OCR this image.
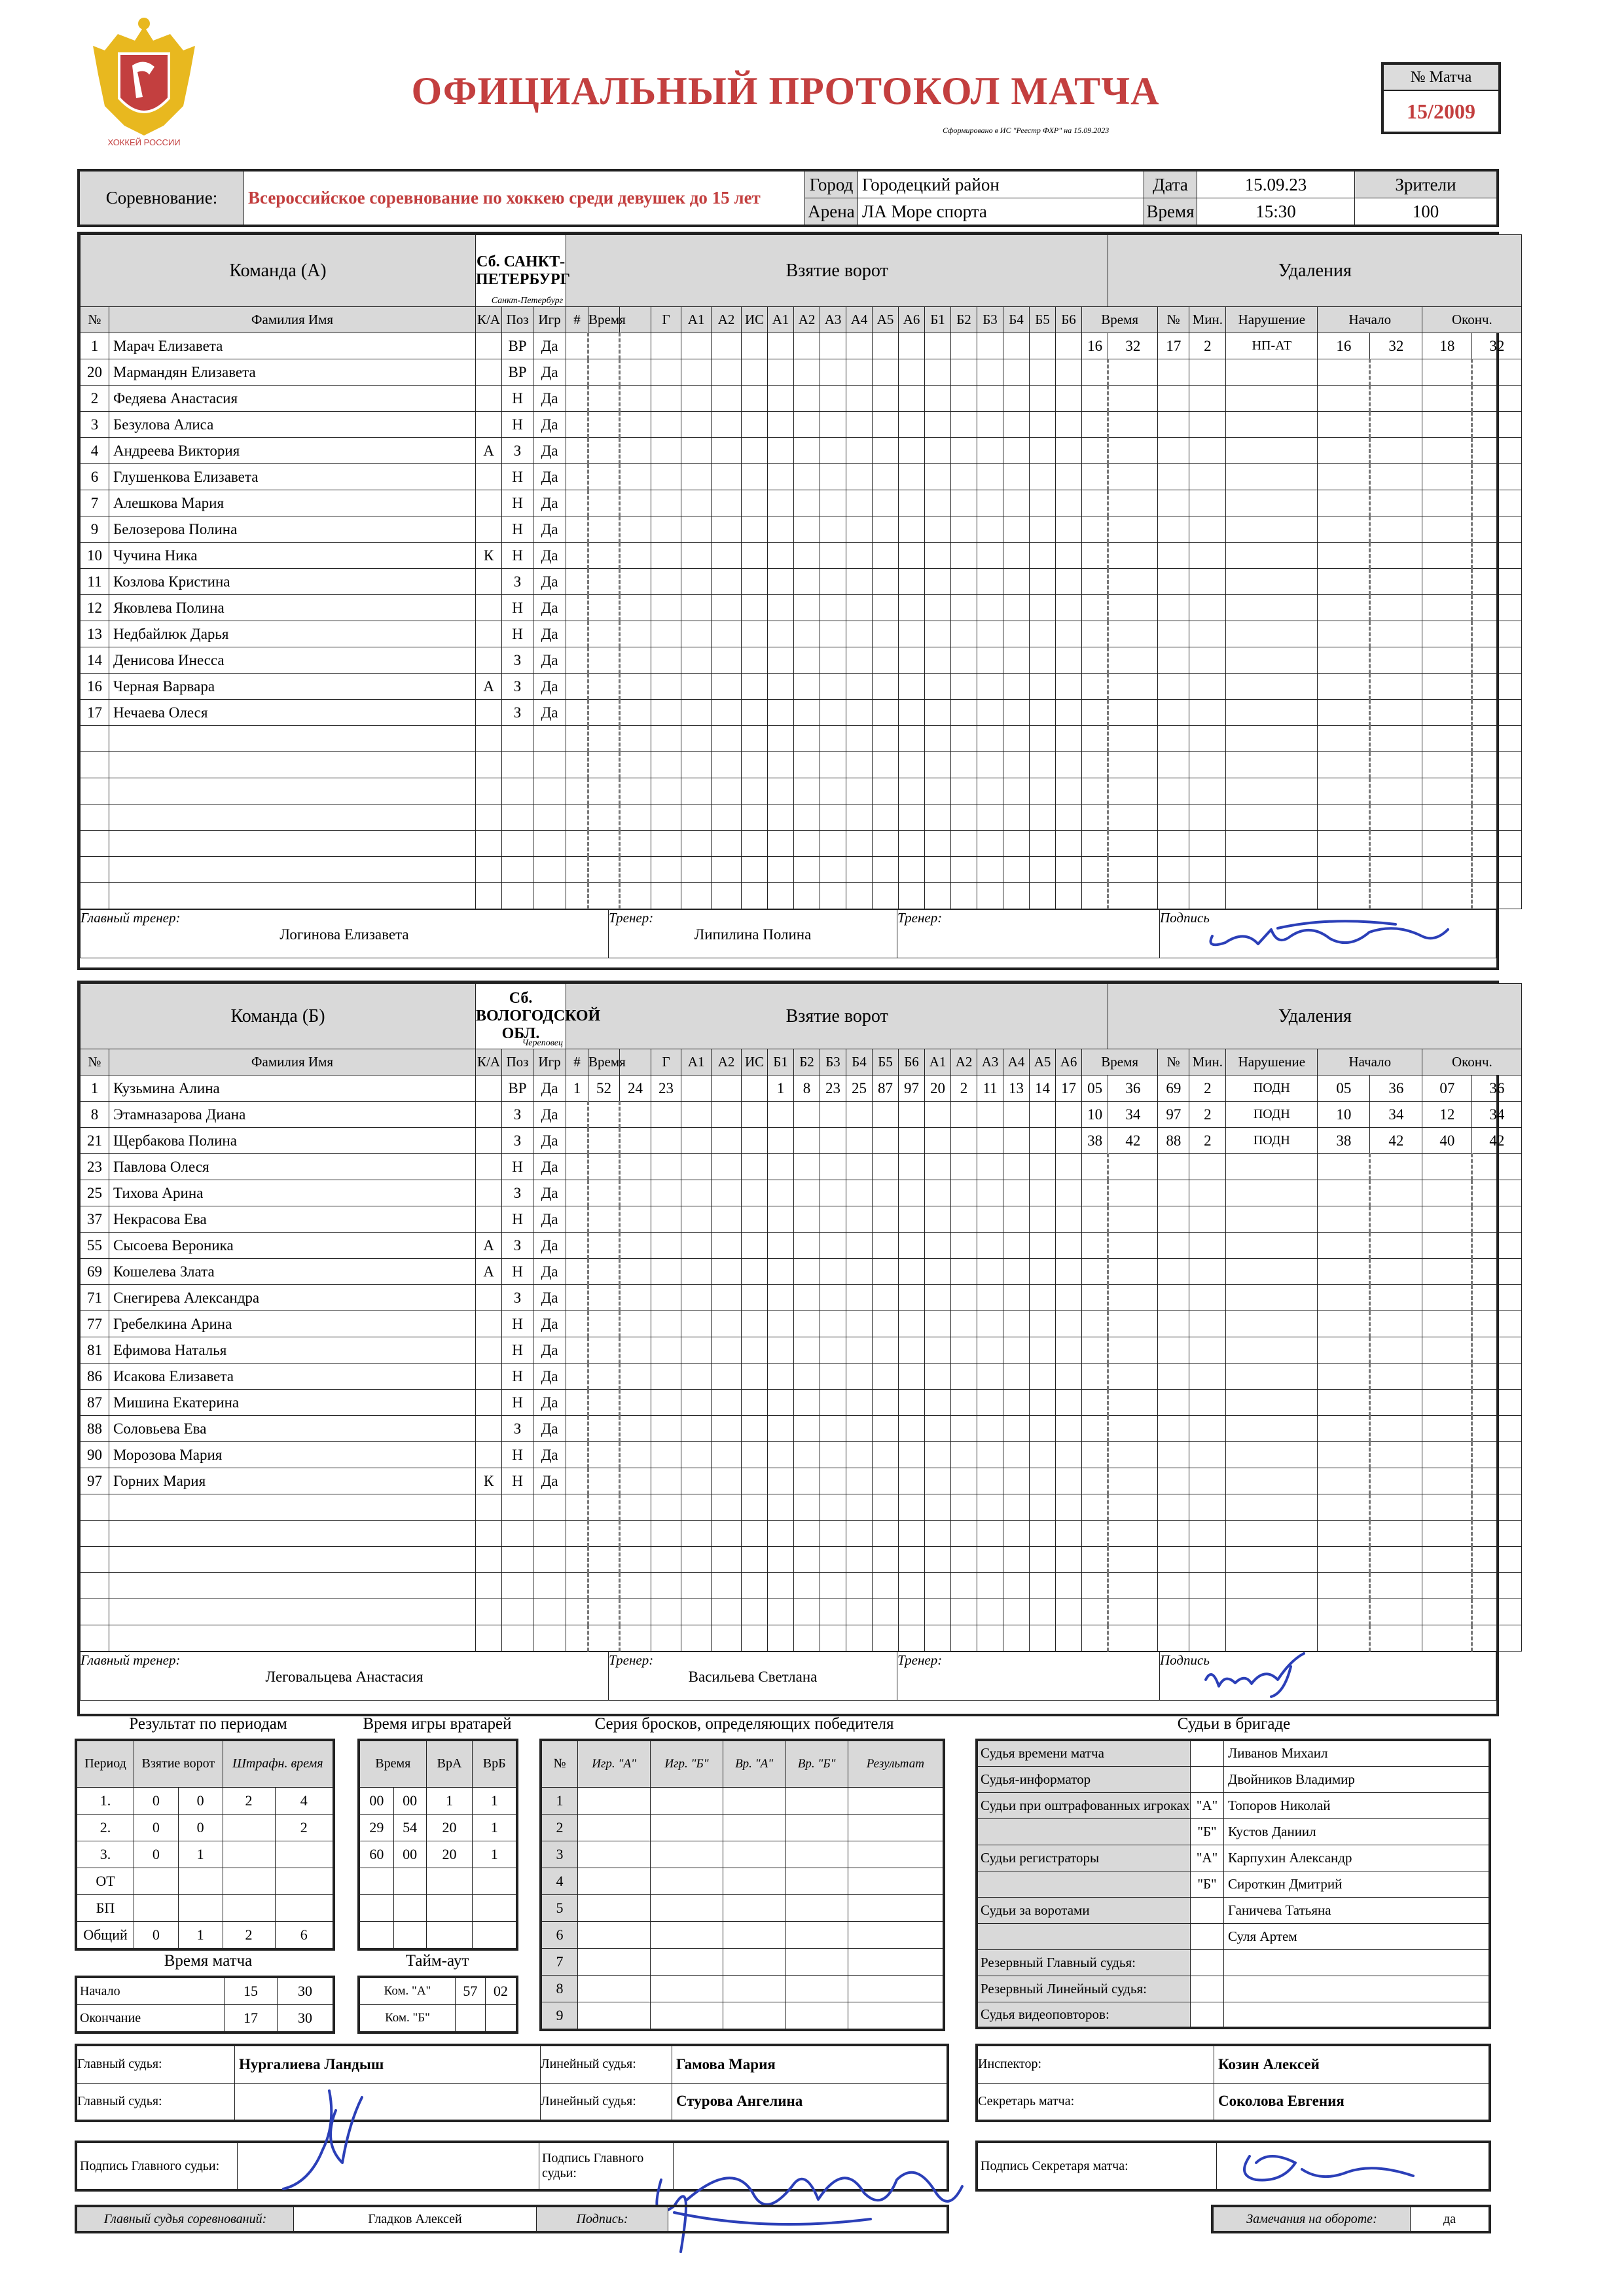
ХОККЕЙ РОССИИ
ОФИЦИАЛЬНЫЙ ПРОТОКОЛ МАТЧА
Сформировано в ИС "Реестр ФХР" на 15.09.2023
№ Матча
15/2009
Соревнование:	Всероссийское соревнование по хоккею среди девушек до 15 лет	Город	Городецкий район	Дата	15.09.23	Зрители
		Арена	ЛА Море спорта	Время	15:30	100
Команда (А)		Сб. САНКТ-ПЕТЕРБУРГ
Санкт-Петербург			Взятие ворот																				Удаления							
№	Фамилия Имя	К/А	Поз	Игр	#	Время		Г	А1	А2	ИС	А1	А2	А3	А4	А5	А6	Б1	Б2	Б3	Б4	Б5	Б6	Время		№	Мин.	Нарушение	Начало		Оконч.	
1	Марач Елизавета		ВР	Да																				16	32	17	2	НП-АТ	16	32	18	32
20	Мармандян Елизавета		ВР	Да																												
2	Федяева Анастасия		Н	Да																												
3	Безулова Алиса		Н	Да																												
4	Андреева Виктория	А	З	Да																												
6	Глушенкова Елизавета		Н	Да																												
7	Алешкова Мария		Н	Да																												
9	Белозерова Полина		Н	Да																												
10	Чучина Ника	К	Н	Да																												
11	Козлова Кристина		З	Да																												
12	Яковлева Полина		Н	Да																												
13	Недбайлюк Дарья		Н	Да																												
14	Денисова Инесса		З	Да																												
16	Черная Варвара	А	З	Да																												
17	Нечаева Олеся		З	Да																												

Главный тренер:
Логинова Елизавета

Тренер:
Липилина Полина

Тренер:	Подпись
Команда (Б)		Сб. ВОЛОГОДСКОЙ ОБЛ.
Череповец			Взятие ворот																				Удаления							
№	Фамилия Имя	К/А	Поз	Игр	#	Время		Г	А1	А2	ИС	Б1	Б2	Б3	Б4	Б5	Б6	А1	А2	А3	А4	А5	А6	Время		№	Мин.	Нарушение	Начало		Оконч.	
1	Кузьмина Алина		ВР	Да	1	52	24	23				1	8	23	25	87	97	20	2	11	13	14	17	05	36	69	2	ПОДН	05	36	07	36
8	Этамназарова Диана		З	Да																				10	34	97	2	ПОДН	10	34	12	34
21	Щербакова Полина		З	Да																				38	42	88	2	ПОДН	38	42	40	42
23	Павлова Олеся		Н	Да																												
25	Тихова Арина		З	Да																												
37	Некрасова Ева		Н	Да																												
55	Сысоева Вероника	А	З	Да																												
69	Кошелева Злата	А	Н	Да																												
71	Снегирева Александра		З	Да																												
77	Гребелкина Арина		Н	Да																												
81	Ефимова Наталья		Н	Да																												
86	Исакова Елизавета		Н	Да																												
87	Мишина Екатерина		Н	Да																												
88	Соловьева Ева		З	Да																												
90	Морозова Мария		Н	Да																												
97	Горних Мария	К	Н	Да																												

Главный тренер:
Леговальцева Анастасия

Тренер:
Васильева Светлана

Тренер:	Подпись
Результат по периодам
Период	Взятие ворот		Штрафн. время	
1.	0	0	2	4
2.	0	0		2
3.	0	1		
ОТ				
БП				
Общий	0	1	2	6
Время игры вратарей
Время		ВрА	ВрБ
00	00	1	1
29	54	20	1
60	00	20	1

Время матча
Начало	15	30
Окончание	17	30
Тайм-аут
Ком. "А"	57	02
Ком. "Б"		
Серия бросков, определяющих победителя
№	Игр. "А"	Игр. "Б"	Вр. "А"	Вр. "Б"	Результат
1					
2					
3					
4					
5					
6					
7					
8					
9					
Судьи в бригаде
Судья времени матча		Ливанов Михаил
Судья-информатор		Двойников Владимир
Судьи при оштрафованных игроках	"А"	Топоров Николай
	"Б"	Кустов Даниил
Судьи регистраторы	"А"	Карпухин Александр
	"Б"	Сироткин Дмитрий
Судьи за воротами		Ганичева Татьяна
		Суля Артем
Резервный Главный судья:		
Резервный Линейный судья:		
Судья видеоповторов:		
Главный судья:	Нургалиева Ландыш	Линейный судья:	Гамова Мария
Главный судья:		Линейный судья:	Стурова Ангелина
Инспектор:	Козин Алексей
Секретарь матча:	Соколова Евгения
Подпись Главного судьи:	
	Подпись Главного судьи:	
Подпись Секретаря матча:	
Главный судья соревнований:	Гладков Алексей	Подпись:		Замечания на обороте:	да
